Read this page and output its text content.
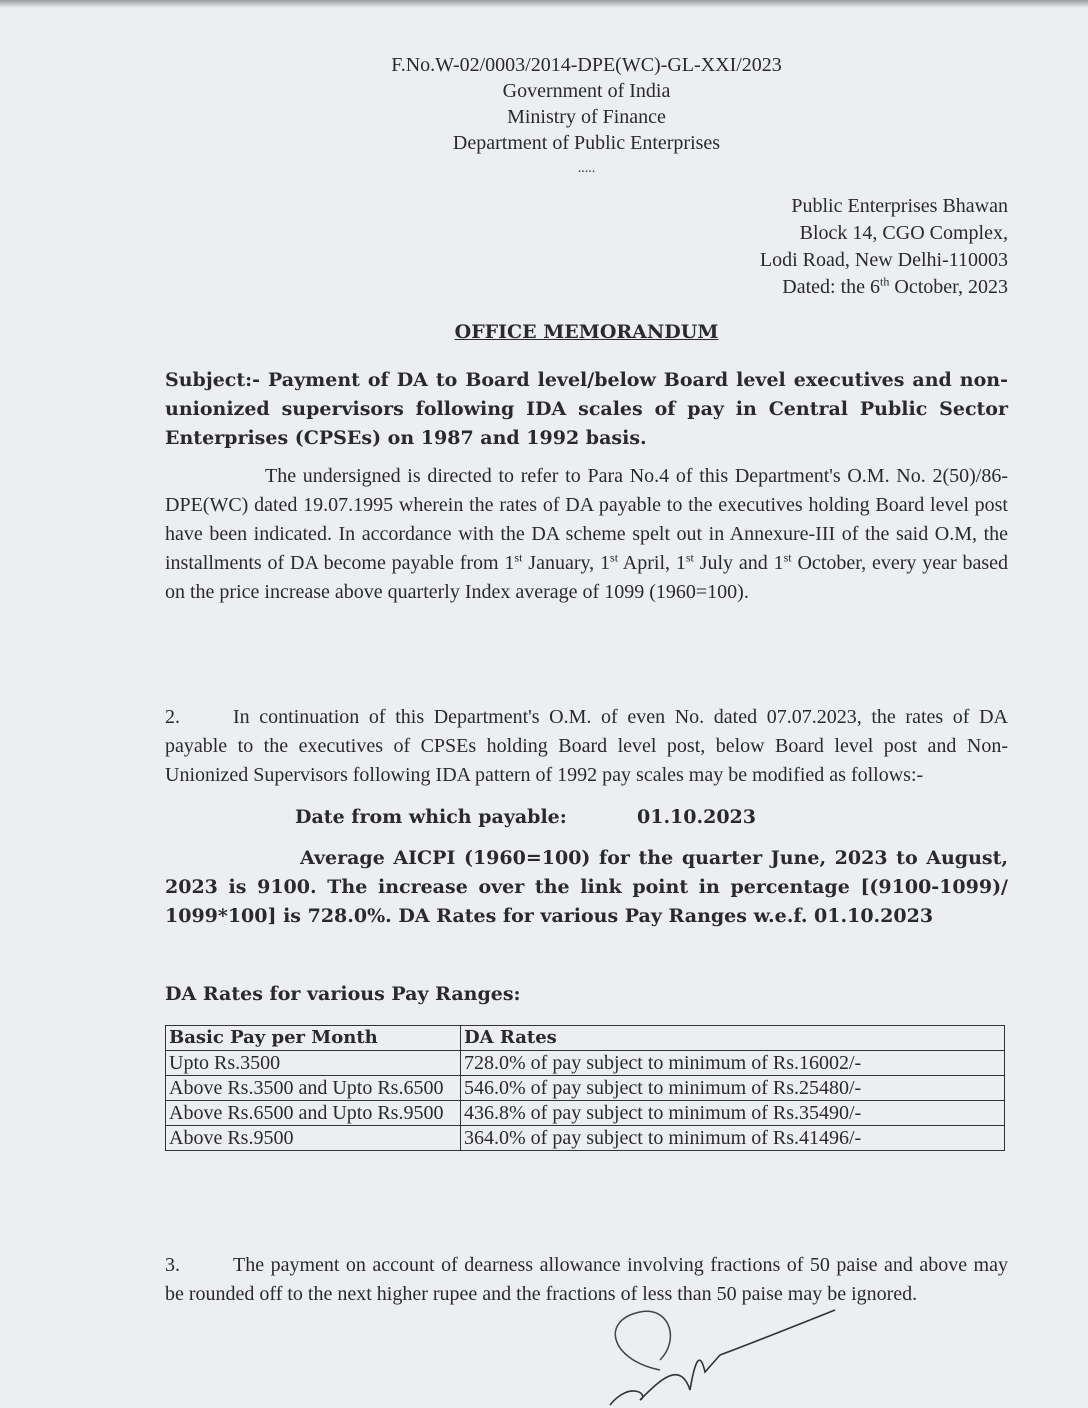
F.No.W-02/0003/2014-DPE(WC)-GL-XXI/2023
Government of India
Ministry of Finance
Department of Public Enterprises
.....
Public Enterprises Bhawan
Block 14, CGO Complex,
Lodi Road, New Delhi-110003
Dated: the 6th October, 2023
OFFICE MEMORANDUM
Subject:- Payment of DA to Board level/below Board level executives and non-unionized supervisors following IDA scales of pay in Central Public Sector Enterprises (CPSEs) on 1987 and 1992 basis.
The undersigned is directed to refer to Para No.4 of this Department's O.M. No. 2(50)/86-DPE(WC) dated 19.07.1995 wherein the rates of DA payable to the executives holding Board level post have been indicated. In accordance with the DA scheme spelt out in Annexure-III of the said O.M, the installments of DA become payable from 1st January, 1st April, 1st July and 1st October, every year based on the price increase above quarterly Index average of 1099 (1960=100).
2.	In continuation of this Department's O.M. of even No. dated 07.07.2023, the rates of DA payable to the executives of CPSEs holding Board level post, below Board level post and Non-Unionized Supervisors following IDA pattern of 1992 pay scales may be modified as follows:-
Date from which payable:	01.10.2023
Average AICPI (1960=100) for the quarter June, 2023 to August, 2023 is 9100. The increase over the link point in percentage [(9100-1099)/ 1099*100] is 728.0%. DA Rates for various Pay Ranges w.e.f. 01.10.2023
DA Rates for various Pay Ranges:
Basic Pay per Month	DA Rates
Upto Rs.3500	728.0% of pay subject to minimum of Rs.16002/-
Above Rs.3500 and Upto Rs.6500	546.0% of pay subject to minimum of Rs.25480/-
Above Rs.6500 and Upto Rs.9500	436.8% of pay subject to minimum of Rs.35490/-
Above Rs.9500	364.0% of pay subject to minimum of Rs.41496/-
3.	The payment on account of dearness allowance involving fractions of 50 paise and above may be rounded off to the next higher rupee and the fractions of less than 50 paise may be ignored.
